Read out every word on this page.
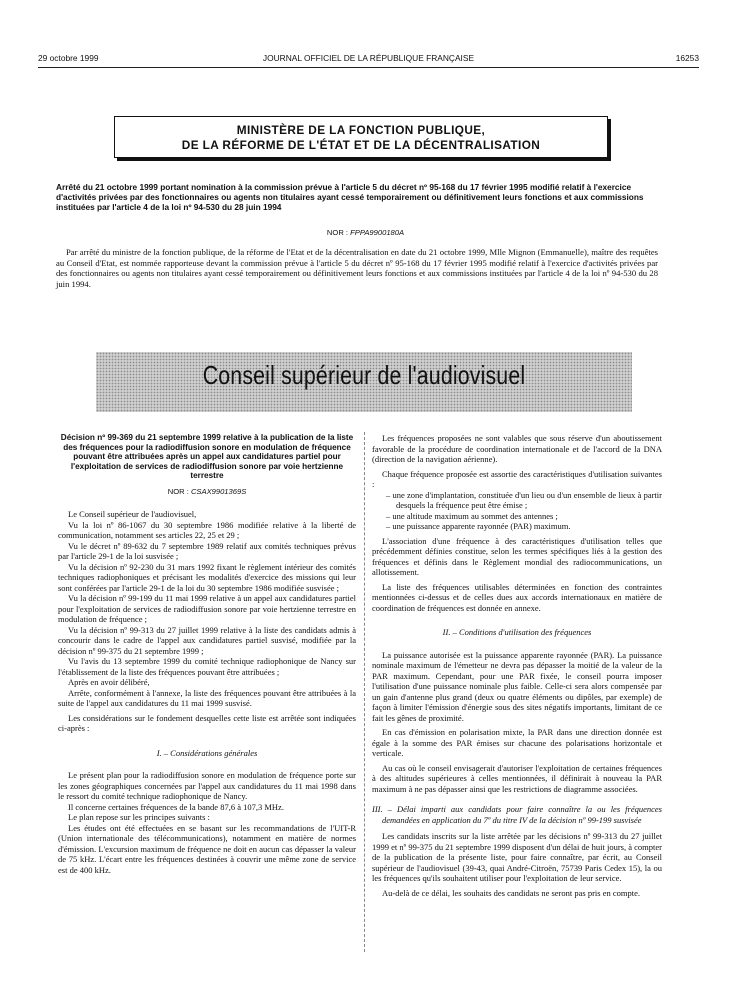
29 octobre 1999	JOURNAL OFFICIEL DE LA RÉPUBLIQUE FRANÇAISE	16253
MINISTÈRE DE LA FONCTION PUBLIQUE,
DE LA RÉFORME DE L'ÉTAT ET DE LA DÉCENTRALISATION
Arrêté du 21 octobre 1999 portant nomination à la commission prévue à l'article 5 du décret nº 95-168 du 17 février 1995 modifié relatif à l'exercice d'activités privées par des fonctionnaires ou agents non titulaires ayant cessé temporairement ou définitivement leurs fonctions et aux commissions instituées par l'article 4 de la loi nº 94-530 du 28 juin 1994
NOR : FPPA9900180A
Par arrêté du ministre de la fonction publique, de la réforme de l'Etat et de la décentralisation en date du 21 octobre 1999, Mlle Mignon (Emmanuelle), maître des requêtes au Conseil d'Etat, est nommée rapporteuse devant la commission prévue à l'article 5 du décret nº 95-168 du 17 février 1995 modifié relatif à l'exercice d'activités privées par des fonctionnaires ou agents non titulaires ayant cessé temporairement ou définitivement leurs fonctions et aux commissions instituées par l'article 4 de la loi nº 94-530 du 28 juin 1994.
Conseil supérieur de l'audiovisuel

Décision nº 99-369 du 21 septembre 1999 relative à la publication de la liste des fréquences pour la radiodiffusion sonore en modulation de fréquence pouvant être attribuées après un appel aux candidatures partiel pour l'exploitation de services de radiodiffusion sonore par voie hertzienne terrestre

NOR : CSAX9901369S

Le Conseil supérieur de l'audiovisuel,

Vu la loi nº 86-1067 du 30 septembre 1986 modifiée relative à la liberté de communication, notamment ses articles 22, 25 et 29 ;

Vu le décret nº 89-632 du 7 septembre 1989 relatif aux comités techniques prévus par l'article 29-1 de la loi susvisée ;

Vu la décision nº 92-230 du 31 mars 1992 fixant le règlement intérieur des comités techniques radiophoniques et précisant les modalités d'exercice des missions qui leur sont conférées par l'article 29-1 de la loi du 30 septembre 1986 modifiée susvisée ;

Vu la décision nº 99-199 du 11 mai 1999 relative à un appel aux candidatures partiel pour l'exploitation de services de radiodiffusion sonore par voie hertzienne terrestre en modulation de fréquence ;

Vu la décision nº 99-313 du 27 juillet 1999 relative à la liste des candidats admis à concourir dans le cadre de l'appel aux candidatures partiel susvisé, modifiée par la décision nº 99-375 du 21 septembre 1999 ;

Vu l'avis du 13 septembre 1999 du comité technique radiophonique de Nancy sur l'établissement de la liste des fréquences pouvant être attribuées ;

Après en avoir délibéré,

Arrête, conformément à l'annexe, la liste des fréquences pouvant être attribuées à la suite de l'appel aux candidatures du 11 mai 1999 susvisé.

Les considérations sur le fondement desquelles cette liste est arrêtée sont indiquées ci-après :

I. – Considérations générales

Le présent plan pour la radiodiffusion sonore en modulation de fréquence porte sur les zones géographiques concernées par l'appel aux candidatures du 11 mai 1998 dans le ressort du comité technique radiophonique de Nancy.

Il concerne certaines fréquences de la bande 87,6 à 107,3 MHz.

Le plan repose sur les principes suivants :

Les études ont été effectuées en se basant sur les recommandations de l'UIT-R (Union internationale des télécommunications), notamment en matière de normes d'émission. L'excursion maximum de fréquence ne doit en aucun cas dépasser la valeur de 75 kHz. L'écart entre les fréquences destinées à couvrir une même zone de service est de 400 kHz.

Les fréquences proposées ne sont valables que sous réserve d'un aboutissement favorable de la procédure de coordination internationale et de l'accord de la DNA (direction de la navigation aérienne).

Chaque fréquence proposée est assortie des caractéristiques d'utilisation suivantes :

– une zone d'implantation, constituée d'un lieu ou d'un ensemble de lieux à partir desquels la fréquence peut être émise ;

– une altitude maximum au sommet des antennes ;

– une puissance apparente rayonnée (PAR) maximum.

L'association d'une fréquence à des caractéristiques d'utilisation telles que précédemment définies constitue, selon les termes spécifiques liés à la gestion des fréquences et définis dans le Règlement mondial des radiocommunications, un allotissement.

La liste des fréquences utilisables déterminées en fonction des contraintes mentionnées ci-dessus et de celles dues aux accords internationaux en matière de coordination de fréquences est donnée en annexe.

II. – Conditions d'utilisation des fréquences

La puissance autorisée est la puissance apparente rayonnée (PAR). La puissance nominale maximum de l'émetteur ne devra pas dépasser la moitié de la valeur de la PAR maximum. Cependant, pour une PAR fixée, le conseil pourra imposer l'utilisation d'une puissance nominale plus faible. Celle-ci sera alors compensée par un gain d'antenne plus grand (deux ou quatre éléments ou dipôles, par exemple) de façon à limiter l'émission d'énergie sous des sites négatifs importants, limitant de ce fait les gênes de proximité.

En cas d'émission en polarisation mixte, la PAR dans une direction donnée est égale à la somme des PAR émises sur chacune des polarisations horizontale et verticale.

Au cas où le conseil envisagerait d'autoriser l'exploitation de certaines fréquences à des altitudes supérieures à celles mentionnées, il définirait à nouveau la PAR maximum à ne pas dépasser ainsi que les restrictions de diagramme associées.

III. – Délai imparti aux candidats pour faire connaître la ou les fréquences demandées en application du 7º du titre IV de la décision nº 99-199 susvisée

Les candidats inscrits sur la liste arrêtée par les décisions nº 99-313 du 27 juillet 1999 et nº 99-375 du 21 septembre 1999 disposent d'un délai de huit jours, à compter de la publication de la présente liste, pour faire connaître, par écrit, au Conseil supérieur de l'audiovisuel (39-43, quai André-Citroën, 75739 Paris Cedex 15), la ou les fréquences qu'ils souhaitent utiliser pour l'exploitation de leur service.

Au-delà de ce délai, les souhaits des candidats ne seront pas pris en compte.
